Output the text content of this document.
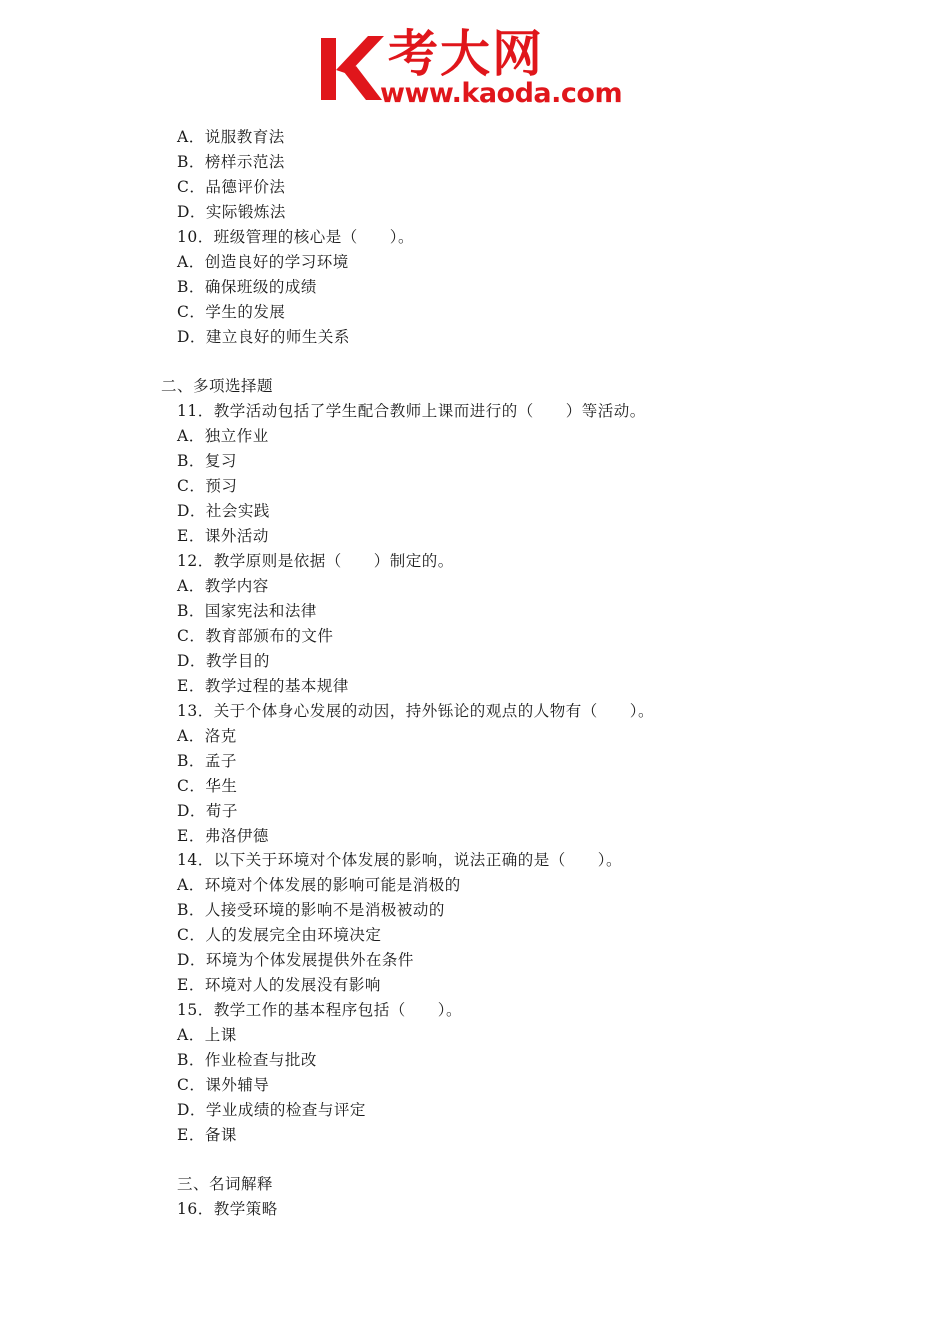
考大网
www.kaoda.com
A．说服教育法
B．榜样示范法
C．品德评价法
D．实际锻炼法
10．班级管理的核心是（　　）。
A．创造良好的学习环境
B．确保班级的成绩
C．学生的发展
D．建立良好的师生关系
二、多项选择题
11．教学活动包括了学生配合教师上课而进行的（　　）等活动。
A．独立作业
B．复习
C．预习
D．社会实践
E．课外活动
12．教学原则是依据（　　）制定的。
A．教学内容
B．国家宪法和法律
C．教育部颁布的文件
D．教学目的
E．教学过程的基本规律
13．关于个体身心发展的动因，持外铄论的观点的人物有（　　）。
A．洛克
B．孟子
C．华生
D．荀子
E．弗洛伊德
14．以下关于环境对个体发展的影响，说法正确的是（　　）。
A．环境对个体发展的影响可能是消极的
B．人接受环境的影响不是消极被动的
C．人的发展完全由环境决定
D．环境为个体发展提供外在条件
E．环境对人的发展没有影响
15．教学工作的基本程序包括（　　）。
A．上课
B．作业检查与批改
C．课外辅导
D．学业成绩的检查与评定
E．备课
三、名词解释
16．教学策略
